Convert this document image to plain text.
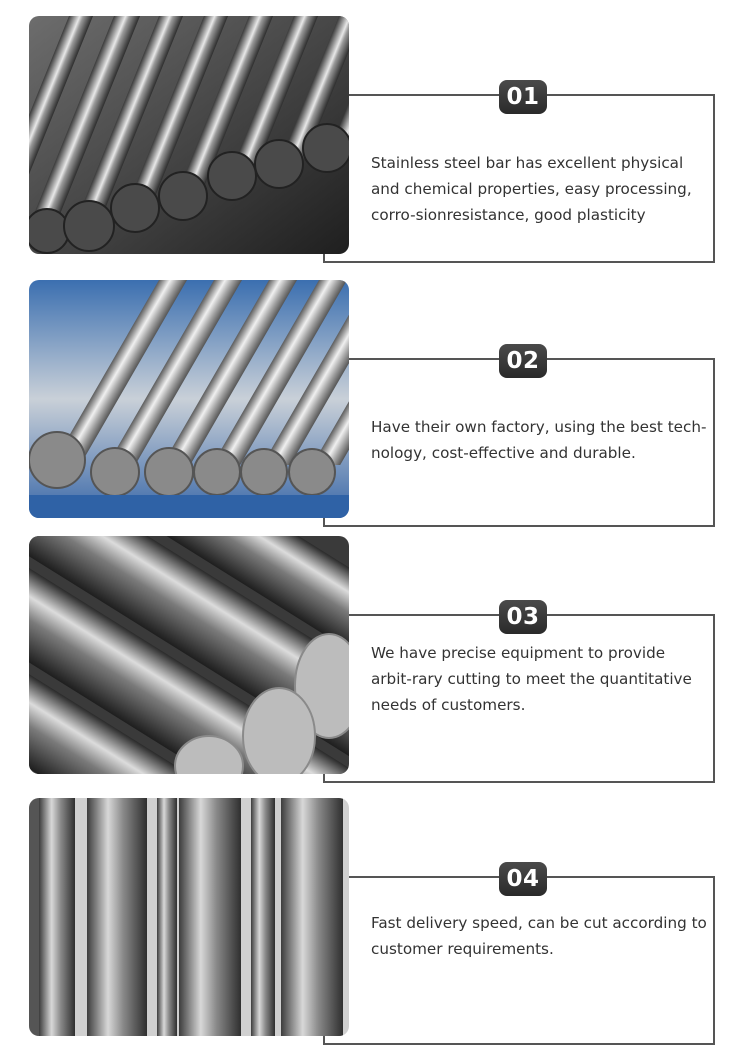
01

Stainless steel bar has excellent physical and chemical properties, easy processing, corro-sionresistance, good plasticity

02

Have their own factory, using the best tech-nology, cost-effective and durable.

03

We have precise equipment to provide arbit-rary cutting to meet the quantitative needs of customers.

04

Fast delivery speed, can be cut according to customer requirements.
